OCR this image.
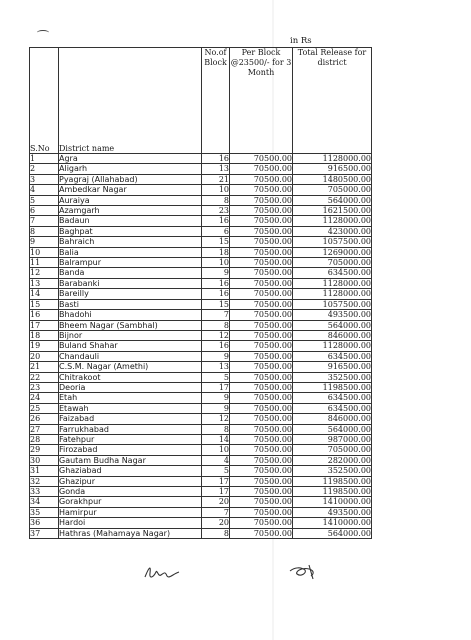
in Rs
S.No	District name	No.of Block	Per Block @23500/- for 3 Month	Total Release for district
1	Agra	16	70500.00	1128000.00
2	Aligarh	13	70500.00	916500.00
3	Pyagraj (Allahabad)	21	70500.00	1480500.00
4	Ambedkar Nagar	10	70500.00	705000.00
5	Auraiya	8	70500.00	564000.00
6	Azamgarh	23	70500.00	1621500.00
7	Badaun	16	70500.00	1128000.00
8	Baghpat	6	70500.00	423000.00
9	Bahraich	15	70500.00	1057500.00
10	Balia	18	70500.00	1269000.00
11	Balrampur	10	70500.00	705000.00
12	Banda	9	70500.00	634500.00
13	Barabanki	16	70500.00	1128000.00
14	Bareilly	16	70500.00	1128000.00
15	Basti	15	70500.00	1057500.00
16	Bhadohi	7	70500.00	493500.00
17	Bheem Nagar (Sambhal)	8	70500.00	564000.00
18	Bijnor	12	70500.00	846000.00
19	Buland Shahar	16	70500.00	1128000.00
20	Chandauli	9	70500.00	634500.00
21	C.S.M. Nagar (Amethi)	13	70500.00	916500.00
22	Chitrakoot	5	70500.00	352500.00
23	Deoria	17	70500.00	1198500.00
24	Etah	9	70500.00	634500.00
25	Etawah	9	70500.00	634500.00
26	Faizabad	12	70500.00	846000.00
27	Farrukhabad	8	70500.00	564000.00
28	Fatehpur	14	70500.00	987000.00
29	Firozabad	10	70500.00	705000.00
30	Gautam Budha Nagar	4	70500.00	282000.00
31	Ghaziabad	5	70500.00	352500.00
32	Ghazipur	17	70500.00	1198500.00
33	Gonda	17	70500.00	1198500.00
34	Gorakhpur	20	70500.00	1410000.00
35	Hamirpur	7	70500.00	493500.00
36	Hardoi	20	70500.00	1410000.00
37	Hathras (Mahamaya Nagar)	8	70500.00	564000.00
